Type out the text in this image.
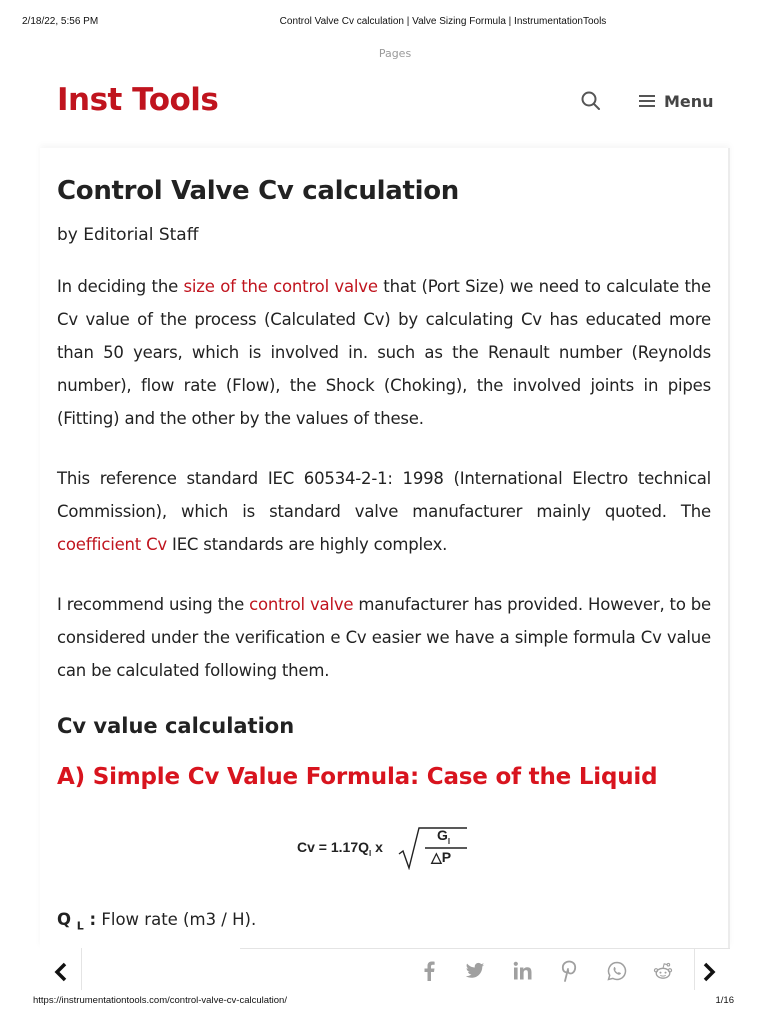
2/18/22, 5:56 PM	Control Valve Cv calculation | Valve Sizing Formula | InstrumentationTools
Pages
Inst Tools	Menu
Control Valve Cv calculation
by Editorial Staff

In deciding the size of the control valve that (Port Size) we need to calculate the Cv value of the process (Calculated Cv) by calculating Cv has educated more than 50 years, which is involved in. such as the Renault number (Reynolds number), flow rate (Flow), the Shock (Choking), the involved joints in pipes (Fitting) and the other by the values of these.

This reference standard IEC 60534-2-1: 1998 (International Electro technical Commission), which is standard valve manufacturer mainly quoted. The coefficient Cv IEC standards are highly complex.

I recommend using the control valve manufacturer has provided. However, to be considered under the verification e Cv easier we have a simple formula Cv value can be calculated following them.

Cv value calculation
A) Simple Cv Value Formula: Case of the Liquid
$Cv = 1.17Q_l$ x
$G_l$
△P
Q $_L$ : Flow rate (m3 / H).
https://instrumentationtools.com/control-valve-cv-calculation/	1/16
